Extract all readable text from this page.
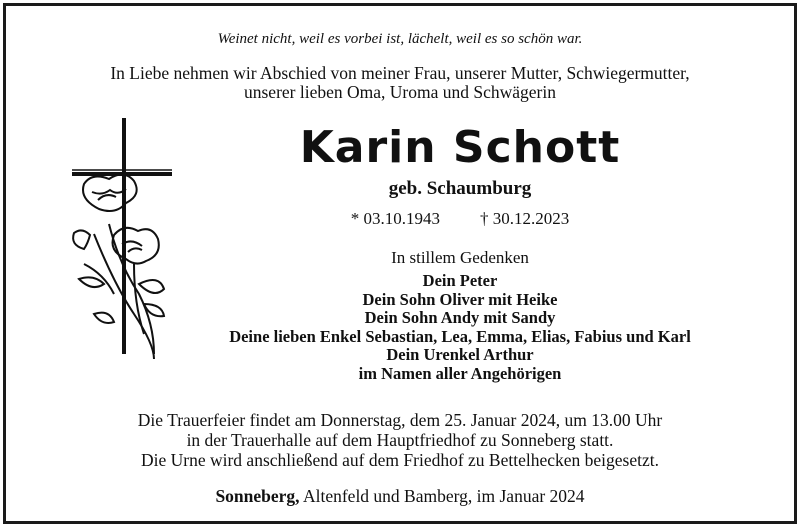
Weinet nicht, weil es vorbei ist, lächelt, weil es so schön war.
In Liebe nehmen wir Abschied von meiner Frau, unserer Mutter, Schwiegermutter,
unserer lieben Oma, Uroma und Schwägerin
Karin Schott
geb. Schaumburg
* 03.10.1943 † 30.12.2023
In stillem Gedenken
Dein Peter
Dein Sohn Oliver mit Heike
Dein Sohn Andy mit Sandy
Deine lieben Enkel Sebastian, Lea, Emma, Elias, Fabius und Karl
Dein Urenkel Arthur
im Namen aller Angehörigen
Die Trauerfeier findet am Donnerstag, dem 25. Januar 2024, um 13.00 Uhr
in der Trauerhalle auf dem Hauptfriedhof zu Sonneberg statt.
Die Urne wird anschließend auf dem Friedhof zu Bettelhecken beigesetzt.
Sonneberg, Altenfeld und Bamberg, im Januar 2024
